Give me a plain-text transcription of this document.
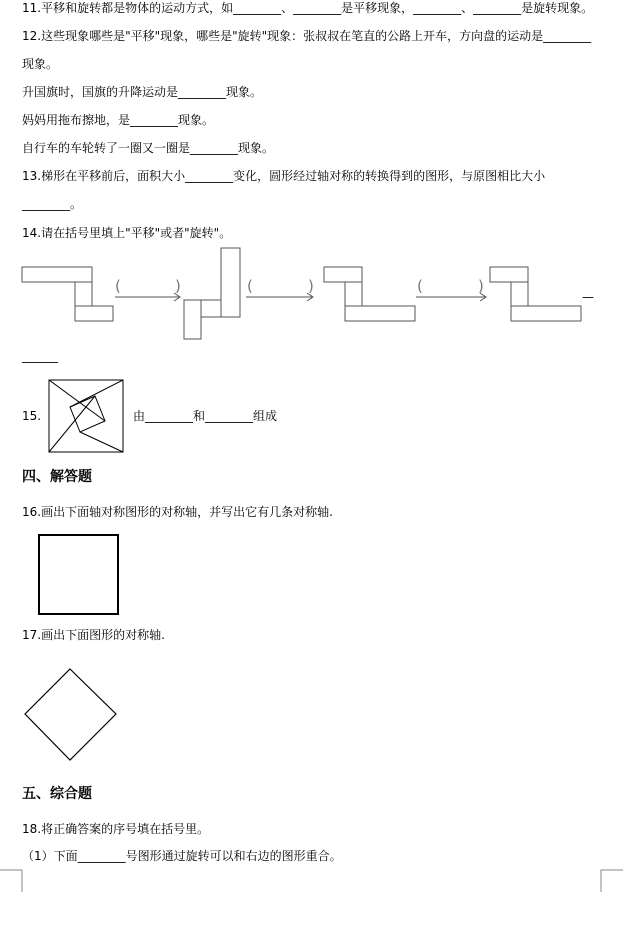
11.平移和旋转都是物体的运动方式，如________、________是平移现象，________、________是旋转现象。
12.这些现象哪些是"平移"现象，哪些是"旋转"现象：张叔叔在笔直的公路上开车，方向盘的运动是________
现象。
升国旗时，国旗的升降运动是________现象。
妈妈用拖布擦地，是________现象。
自行车的车轮转了一圈又一圈是________现象。
13.梯形在平移前后，面积大小________变化，圆形经过轴对称的转换得到的图形，与原图相比大小
________。
14.请在括号里填上"平移"或者"旋转"。
(	)	(	)	(	)
—
______
15.	由________和________组成
四、解答题
16.画出下面轴对称图形的对称轴，并写出它有几条对称轴.
17.画出下面图形的对称轴.
五、综合题
18.将正确答案的序号填在括号里。
（1）下面________号图形通过旋转可以和右边的图形重合。
